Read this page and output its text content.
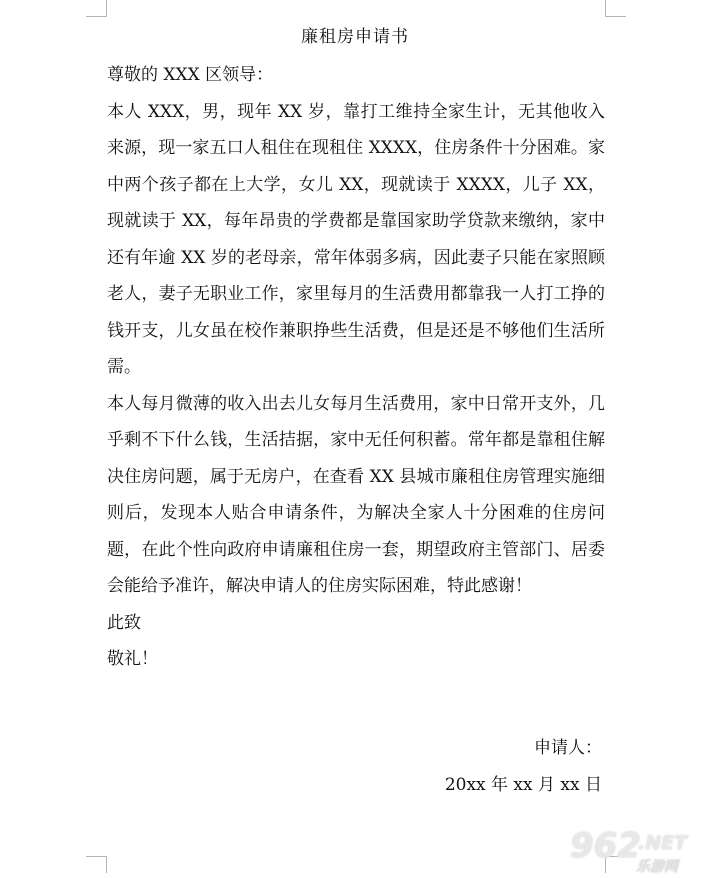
廉租房申请书

尊敬的 XXX 区领导：

本人 XXX，男，现年 XX 岁，靠打工维持全家生计，无其他收入来源，现一家五口人租住在现租住 XXXX，住房条件十分困难。家中两个孩子都在上大学，女儿 XX，现就读于 XXXX，儿子 XX，现就读于 XX，每年昂贵的学费都是靠国家助学贷款来缴纳，家中还有年逾 XX 岁的老母亲，常年体弱多病，因此妻子只能在家照顾老人，妻子无职业工作，家里每月的生活费用都靠我一人打工挣的钱开支，儿女虽在校作兼职挣些生活费，但是还是不够他们生活所需。

本人每月微薄的收入出去儿女每月生活费用，家中日常开支外，几乎剩不下什么钱，生活拮据，家中无任何积蓄。常年都是靠租住解决住房问题，属于无房户，在查看 XX 县城市廉租住房管理实施细则后，发现本人贴合申请条件，为解决全家人十分困难的住房问题，在此个性向政府申请廉租住房一套，期望政府主管部门、居委会能给予准许，解决申请人的住房实际困难，特此感谢！

此致

敬礼！

申请人：
20xx 年 xx 月 xx 日
962
.NET
乐游网
